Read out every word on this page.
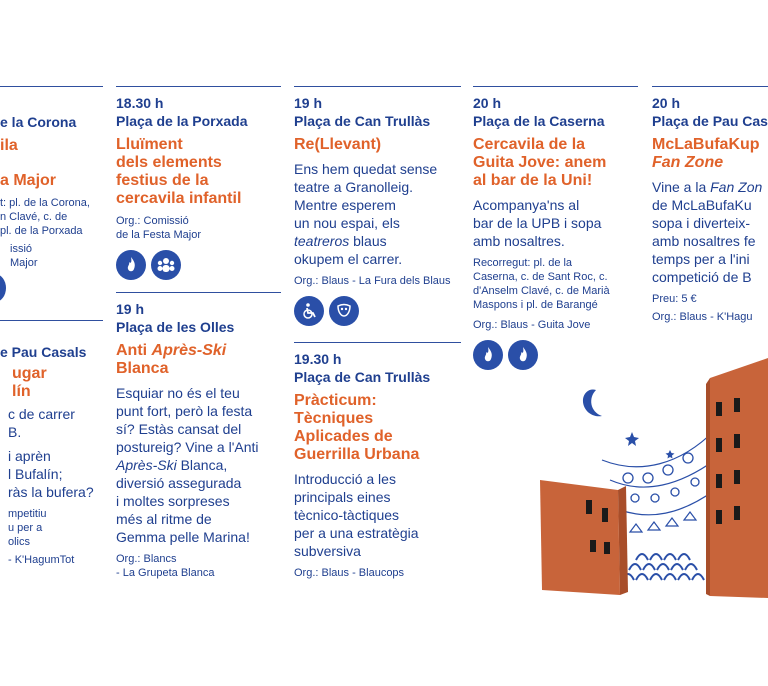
e la Corona
ila
a Major
t: pl. de la Corona,
n Clavé, c. de
pl. de la Porxada
issió
Major
e Pau Casals
ugar
lín
c de carrer
B.
i aprèn
l Bufalín;
ràs la bufera?
mpetitiu
u per a
olics
- K'HagumTot
18.30 h
Plaça de la Porxada
Lluïment
dels elements
festius de la
cercavila infantil
Org.: Comissió
de la Festa Major
19 h
Plaça de les Olles
Anti Après-Ski
Blanca
Esquiar no és el teu
punt fort, però la festa
sí? Estàs cansat del
postureig? Vine a l'Anti
Après-Ski Blanca,
diversió assegurada
i moltes sorpreses
més al ritme de
Gemma pelle Marina!
Org.: Blancs
- La Grupeta Blanca
19 h
Plaça de Can Trullàs
Re(Llevant)
Ens hem quedat sense
teatre a Granolleig.
Mentre esperem
un nou espai, els
teatreros blaus
okupem el carrer.
Org.: Blaus - La Fura dels Blaus
19.30 h
Plaça de Can Trullàs
Pràcticum:
Tècniques
Aplicades de
Guerrilla Urbana
Introducció a les
principals eines
tècnico-tàctiques
per a una estratègia
subversiva
Org.: Blaus - Blaucops
20 h
Plaça de la Caserna
Cercavila de la
Guita Jove: anem
al bar de la Uni!
Acompanya'ns al
bar de la UPB i sopa
amb nosaltres.
Recorregut: pl. de la
Caserna, c. de Sant Roc, c.
d'Anselm Clavé, c. de Marià
Maspons i pl. de Barangé
Org.: Blaus - Guita Jove
20 h
Plaça de Pau Cas
McLaBufaKup
Fan Zone
Vine a la Fan Zon
de McLaBufaKu
sopa i diverteix-
amb nosaltres fe
temps per a l'ini
competició de B
Preu: 5 €
Org.: Blaus - K'Hagu
